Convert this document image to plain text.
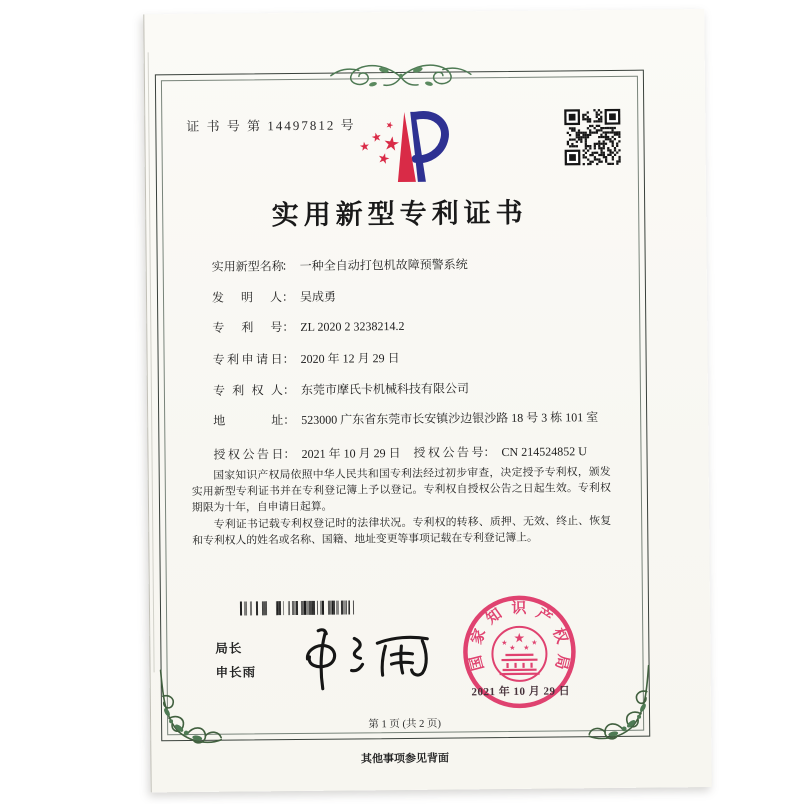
证 书 号 第 14497812 号	★
★
★
★
★
实用新型专利证书
实用新型名称： 一种全自动打包机故障预警系统
发 明 人： 吴成勇
专 利 号： ZL 2020 2 3238214.2
专利申请日： 2020 年 12 月 29 日
专 利 权 人： 东莞市摩氏卡机械科技有限公司
地 址： 523000 广东省东莞市长安镇沙边银沙路 18 号 3 栋 101 室
授权公告日： 2021 年 10 月 29 日 授权公告号： CN 214524852 U

国家知识产权局依照中华人民共和国专利法经过初步审查，决定授予专利权，颁发实用新型专利证书并在专利登记簿上予以登记。专利权自授权公告之日起生效。专利权期限为十年，自申请日起算。

专利证书记载专利权登记时的法律状况。专利权的转移、质押、无效、终止、恢复和专利权人的姓名或名称、国籍、地址变更等事项记载在专利登记簿上。

局长
申长雨
国
家
知 识 产
权
局
★
★
★ ★
★
2021 年 10 月 29 日
第 1 页 (共 2 页)
其他事项参见背面
